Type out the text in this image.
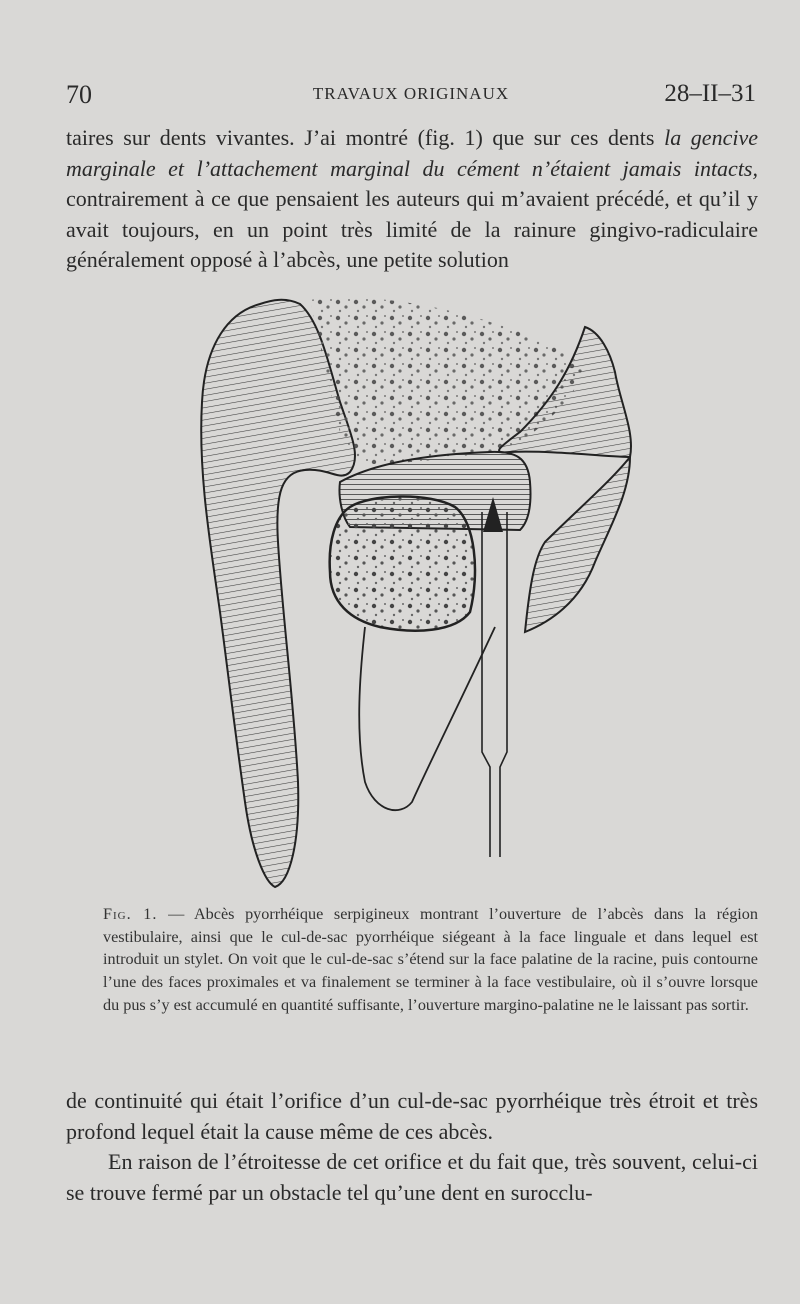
70	TRAVAUX ORIGINAUX	28–II–31

taires sur dents vivantes. J’ai montré (fig. 1) que sur ces dents la gencive marginale et l’attachement marginal du cément n’étaient jamais intacts, contrairement à ce que pensaient les auteurs qui m’avaient précédé, et qu’il y avait toujours, en un point très limité de la rainure gingivo-radiculaire généralement opposé à l’abcès, une petite solution

Fig. 1. — Abcès pyorrhéique serpigineux montrant l’ouverture de l’abcès dans la région vestibulaire, ainsi que le cul-de-sac pyorrhéique siégeant à la face linguale et dans lequel est introduit un stylet. On voit que le cul-de-sac s’étend sur la face palatine de la racine, puis contourne l’une des faces proximales et va finalement se terminer à la face vestibulaire, où il s’ouvre lorsque du pus s’y est accumulé en quantité suffisante, l’ouverture margino-palatine ne le laissant pas sortir.

de continuité qui était l’orifice d’un cul-de-sac pyorrhéique très étroit et très profond lequel était la cause même de ces abcès.

En raison de l’étroitesse de cet orifice et du fait que, très souvent, celui-ci se trouve fermé par un obstacle tel qu’une dent en surocclu-
